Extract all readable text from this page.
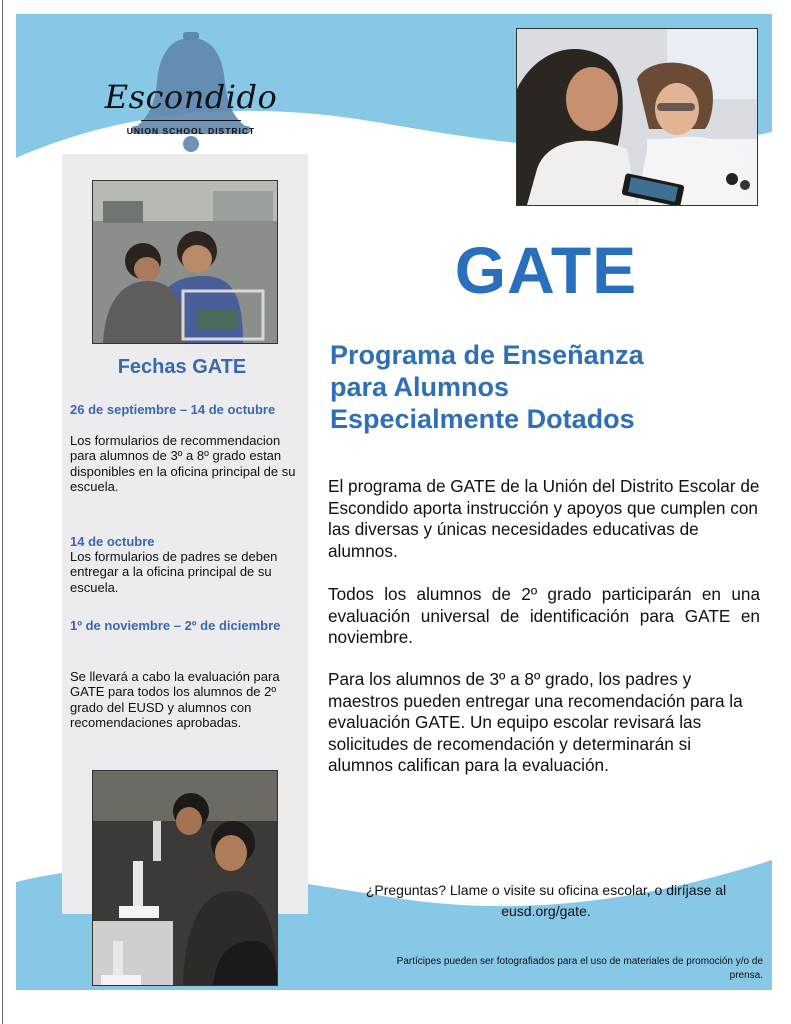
Escondido
UNION SCHOOL DISTRICT
GATE
Programa de Enseñanza
para Alumnos
Especialmente Dotados
El programa de GATE de la Unión del Distrito Escolar de Escondido aporta instrucción y apoyos que cumplen con las diversas y únicas necesidades educativas de alumnos.
Todos los alumnos de 2º grado participarán en una evaluación universal de identificación para GATE en noviembre.
Para los alumnos de 3º a 8º grado, los padres y maestros pueden entregar una recomendación para la evaluación GATE. Un equipo escolar revisará las solicitudes de recomendación y determinarán si alumnos califican para la evaluación.
Fechas GATE
26 de septiembre – 14 de octubre
Los formularios de recommendacion para alumnos de 3º a 8º grado estan disponibles en la oficina principal de su escuela.
14 de octubre
Los formularios de padres se deben entregar a la oficina principal de su escuela.
1º de noviembre – 2º de diciembre
Se llevará a cabo la evaluación para GATE para todos los alumnos de 2º grado del EUSD y alumnos con recomendaciones aprobadas.
¿Preguntas? Llame o visite su oficina escolar, o diríjase al eusd.org/gate.
Partícipes pueden ser fotografiados para el uso de materiales de promoción y/o de prensa.
